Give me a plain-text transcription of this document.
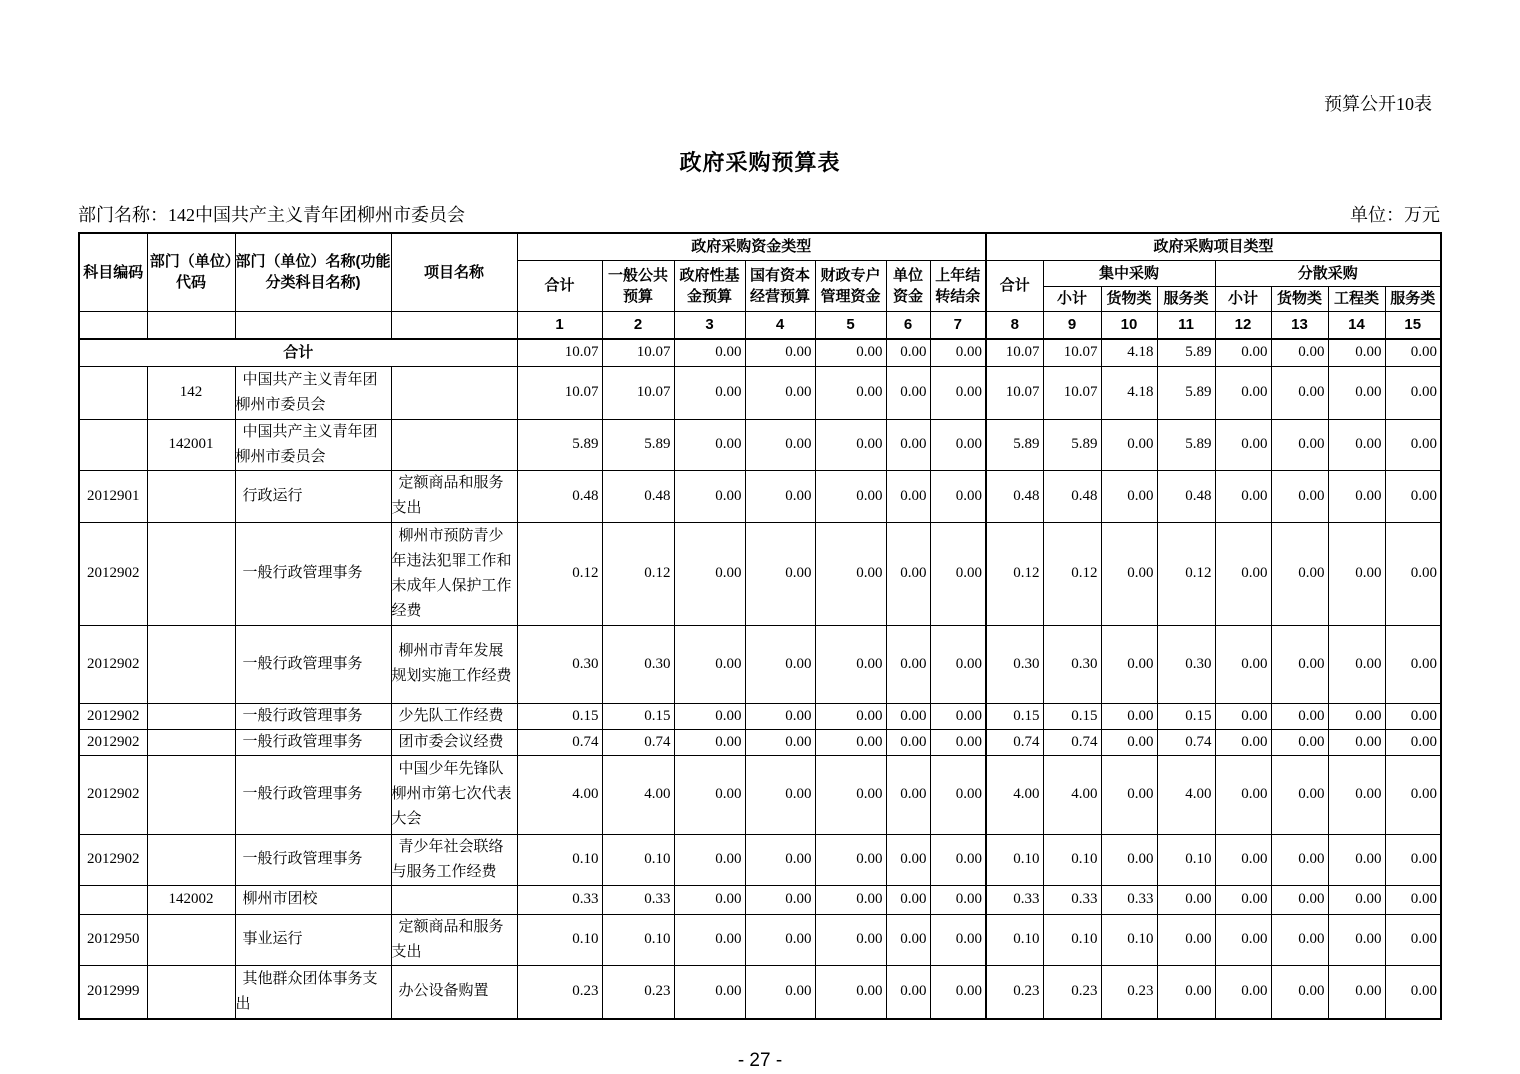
预算公开10表
政府采购预算表
部门名称：142中国共产主义青年团柳州市委员会	单位：万元
科目编码	部门（单位）代码	部门（单位）名称(功能分类科目名称)	项目名称	政府采购资金类型							政府采购项目类型							
				合计	一般公共预算	政府性基金预算	国有资本经营预算	财政专户管理资金	单位资金	上年结转结余	合计	集中采购			分散采购			
												小计	货物类	服务类	小计	货物类	工程类	服务类
				1	2	3	4	5	6	7	8	9	10	11	12	13	14	15
合计				10.07	10.07	0.00	0.00	0.00	0.00	0.00	10.07	10.07	4.18	5.89	0.00	0.00	0.00	0.00
	142	中国共产主义青年团柳州市委员会		10.07	10.07	0.00	0.00	0.00	0.00	0.00	10.07	10.07	4.18	5.89	0.00	0.00	0.00	0.00
	142001	中国共产主义青年团柳州市委员会		5.89	5.89	0.00	0.00	0.00	0.00	0.00	5.89	5.89	0.00	5.89	0.00	0.00	0.00	0.00
2012901		行政运行	定额商品和服务支出	0.48	0.48	0.00	0.00	0.00	0.00	0.00	0.48	0.48	0.00	0.48	0.00	0.00	0.00	0.00
2012902		一般行政管理事务	柳州市预防青少年违法犯罪工作和未成年人保护工作经费	0.12	0.12	0.00	0.00	0.00	0.00	0.00	0.12	0.12	0.00	0.12	0.00	0.00	0.00	0.00
2012902		一般行政管理事务	柳州市青年发展规划实施工作经费	0.30	0.30	0.00	0.00	0.00	0.00	0.00	0.30	0.30	0.00	0.30	0.00	0.00	0.00	0.00
2012902		一般行政管理事务	少先队工作经费	0.15	0.15	0.00	0.00	0.00	0.00	0.00	0.15	0.15	0.00	0.15	0.00	0.00	0.00	0.00
2012902		一般行政管理事务	团市委会议经费	0.74	0.74	0.00	0.00	0.00	0.00	0.00	0.74	0.74	0.00	0.74	0.00	0.00	0.00	0.00
2012902		一般行政管理事务	中国少年先锋队柳州市第七次代表大会	4.00	4.00	0.00	0.00	0.00	0.00	0.00	4.00	4.00	0.00	4.00	0.00	0.00	0.00	0.00
2012902		一般行政管理事务	青少年社会联络与服务工作经费	0.10	0.10	0.00	0.00	0.00	0.00	0.00	0.10	0.10	0.00	0.10	0.00	0.00	0.00	0.00
	142002	柳州市团校		0.33	0.33	0.00	0.00	0.00	0.00	0.00	0.33	0.33	0.33	0.00	0.00	0.00	0.00	0.00
2012950		事业运行	定额商品和服务支出	0.10	0.10	0.00	0.00	0.00	0.00	0.00	0.10	0.10	0.10	0.00	0.00	0.00	0.00	0.00
2012999		其他群众团体事务支出	办公设备购置	0.23	0.23	0.00	0.00	0.00	0.00	0.00	0.23	0.23	0.23	0.00	0.00	0.00	0.00	0.00
- 27 -
